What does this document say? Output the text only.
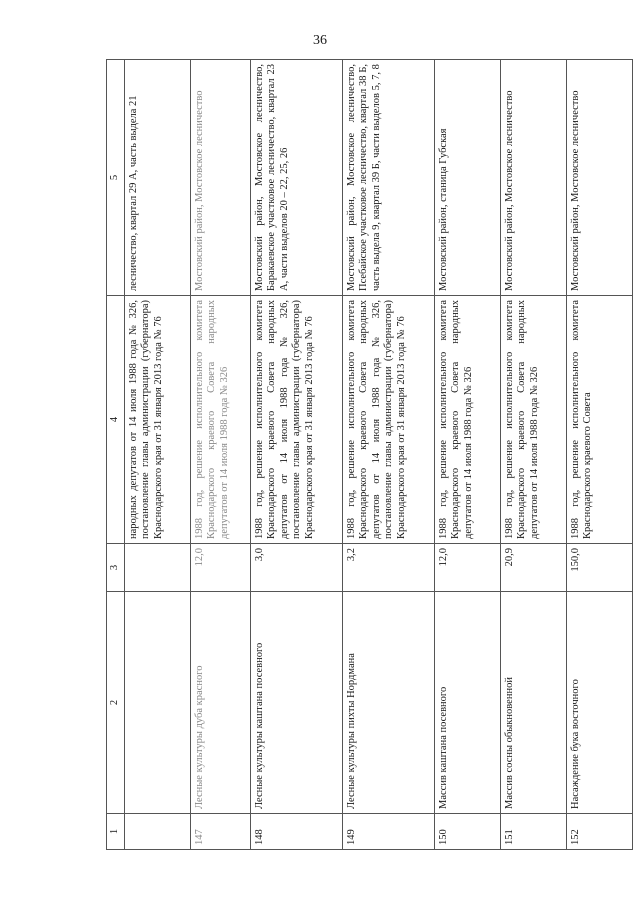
36
1	2	3	4	5
			народных депутатов от 14 июля 1988 года № 326, постановление главы администрации (губернатора) Краснодарского края от 31 января 2013 года № 76	лесничество, квартал 29 А, часть выдела 21
147	Лесные культуры дуба красного	12,0	1988 год, решение исполнительного комитета Краснодарского краевого Совета народных депутатов от 14 июля 1988 года № 326	Мостовский район, Мостовское лесничество
148	Лесные культуры каштана посевного	3,0	1988 год, решение исполнительного комитета Краснодарского краевого Совета народных депутатов от 14 июля 1988 года № 326, постановление главы администрации (губернатора) Краснодарского края от 31 января 2013 года № 76	Мостовский район, Мостовское лесничество, Баракаевское участковое лесничество, квартал 23 А, части выделов 20 – 22, 25, 26
149	Лесные культуры пихты Нордмана	3,2	1988 год, решение исполнительного комитета Краснодарского краевого Совета народных депутатов от 14 июля 1988 года № 326, постановление главы администрации (губернатора) Краснодарского края от 31 января 2013 года № 76	Мостовский район, Мостовское лесничество, Псебайское участковое лесничество, квартал 38 Б, часть выдела 9, квартал 39 Б, части выделов 5, 7, 8
150	Массив каштана посевного	12,0	1988 год, решение исполнительного комитета Краснодарского краевого Совета народных депутатов от 14 июля 1988 года № 326	Мостовский район, станица Губская
151	Массив сосны обыкновенной	20,9	1988 год, решение исполнительного комитета Краснодарского краевого Совета народных депутатов от 14 июля 1988 года № 326	Мостовский район, Мостовское лесничество
152	Насаждение бука восточного	150,0	1988 год, решение исполнительного комитета Краснодарского краевого Совета	Мостовский район, Мостовское лесничество
